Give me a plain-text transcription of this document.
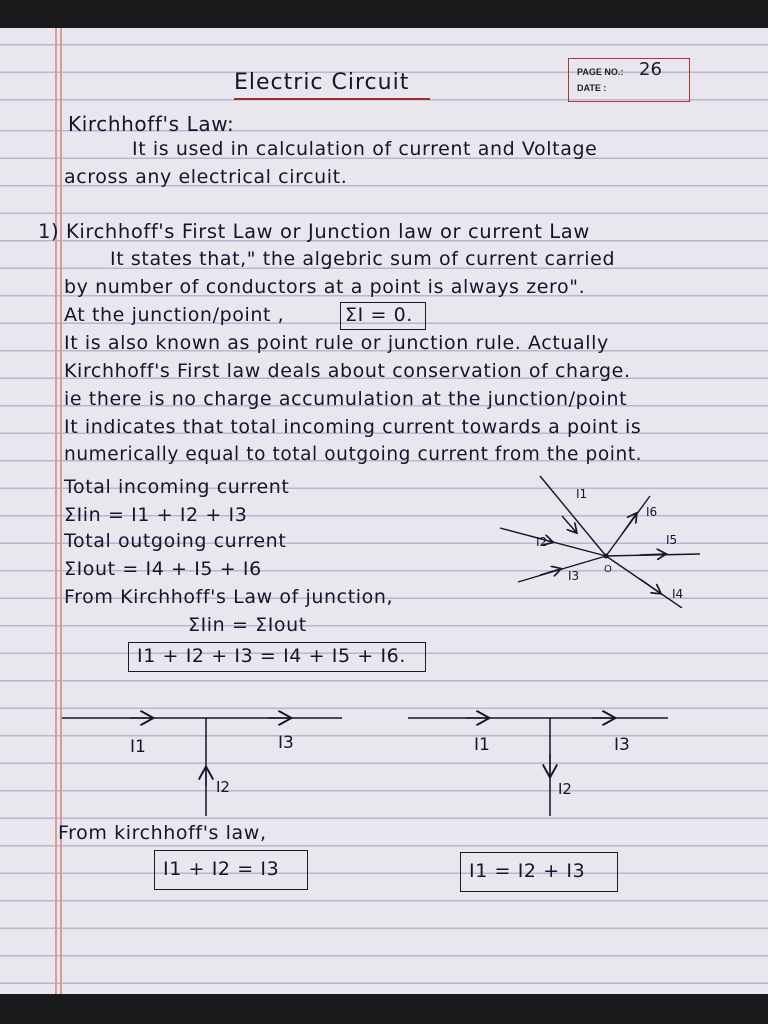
PAGE NO.: 26
DATE :
Electric Circuit
Kirchhoff's Law:
It is used in calculation of current and Voltage
across any electrical circuit.
1) Kirchhoff's First Law or Junction law or current Law
It states that," the algebric sum of current carried
by number of conductors at a point is always zero".
At the junction/point ,	ΣI = 0.
It is also known as point rule or junction rule. Actually
Kirchhoff's First law deals about conservation of charge.
ie there is no charge accumulation at the junction/point
It indicates that total incoming current towards a point is
numerically equal to total outgoing current from the point.
Total incoming current
ΣIin = I1 + I2 + I3
Total outgoing current
ΣIout = I4 + I5 + I6
From Kirchhoff's Law of junction,
ΣIin = ΣIout
I1 + I2 + I3 = I4 + I5 + I6.
O
I1
I2
I3
I4
I5
I6
I1	I3
I2
I1	I3
I2
From kirchhoff's law,
I1 + I2 = I3	I1 = I2 + I3
